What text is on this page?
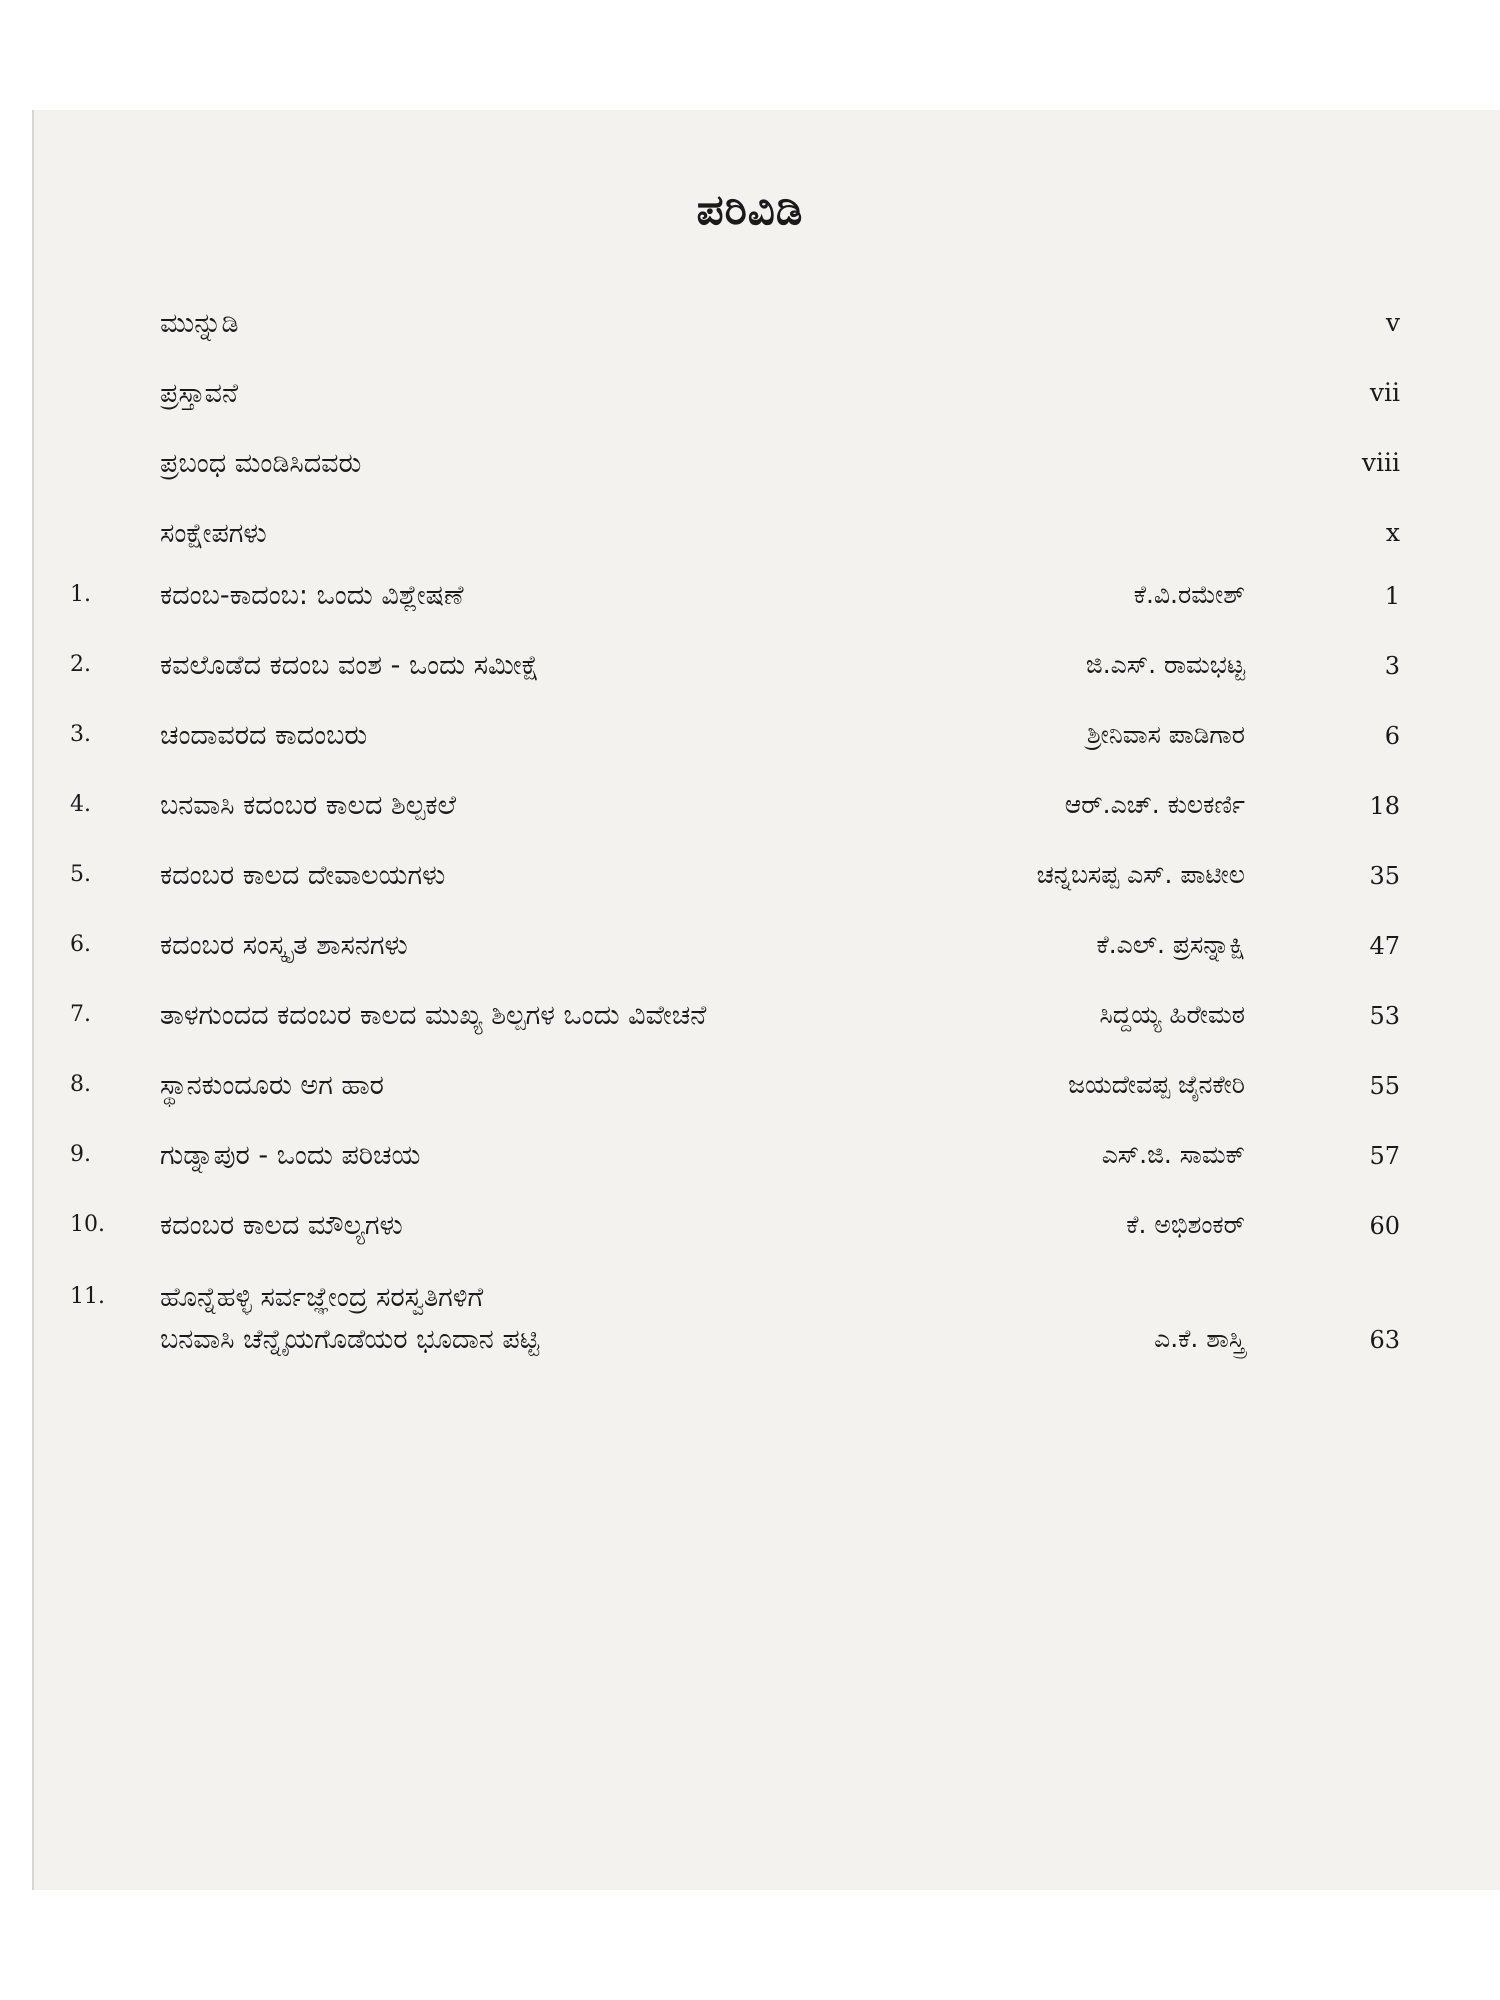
ಪರಿವಿಡಿ
ಮುನ್ನುಡಿ	v
ಪ್ರಸ್ತಾವನೆ	vii
ಪ್ರಬಂಧ ಮಂಡಿಸಿದವರು	viii
ಸಂಕ್ಷೇಪಗಳು	x
1.	ಕದಂಬ-ಕಾದಂಬ: ಒಂದು ವಿಶ್ಲೇಷಣೆ	ಕೆ.ವಿ.ರಮೇಶ್	1
2.	ಕವಲೊಡೆದ ಕದಂಬ ವಂಶ - ಒಂದು ಸಮೀಕ್ಷೆ	ಜಿ.ಎಸ್. ರಾಮಭಟ್ಟ	3
3.	ಚಂದಾವರದ ಕಾದಂಬರು	ಶ್ರೀನಿವಾಸ ಪಾಡಿಗಾರ	6
4.	ಬನವಾಸಿ ಕದಂಬರ ಕಾಲದ ಶಿಲ್ಪಕಲೆ	ಆರ್.ಎಚ್. ಕುಲಕರ್ಣಿ	18
5.	ಕದಂಬರ ಕಾಲದ ದೇವಾಲಯಗಳು	ಚನ್ನಬಸಪ್ಪ ಎಸ್. ಪಾಟೀಲ	35
6.	ಕದಂಬರ ಸಂಸ್ಕೃತ ಶಾಸನಗಳು	ಕೆ.ಎಲ್. ಪ್ರಸನ್ನಾಕ್ಷಿ	47
7.	ತಾಳಗುಂದದ ಕದಂಬರ ಕಾಲದ ಮುಖ್ಯ ಶಿಲ್ಪಗಳ ಒಂದು ವಿವೇಚನೆ	ಸಿದ್ದಯ್ಯ ಹಿರೇಮಠ	53
8.	ಸ್ಥಾನಕುಂದೂರು ಅಗ ಹಾರ	ಜಯದೇವಪ್ಪ ಜೈನಕೇರಿ	55
9.	ಗುಡ್ನಾಪುರ - ಒಂದು ಪರಿಚಯ	ಎಸ್.ಜಿ. ಸಾಮಕ್	57
10. ಕದಂಬರ ಕಾಲದ ಮೌಲ್ಯಗಳು	ಕೆ. ಅಭಿಶಂಕರ್	60
11. ಹೊನ್ನೆಹಳ್ಳಿ ಸರ್ವಜ್ಞೇಂದ್ರ ಸರಸ್ವತಿಗಳಿಗೆ
ಬನವಾಸಿ ಚೆನ್ನೈಯಗೊಡೆಯರ ಭೂದಾನ ಪಟ್ಟಿ	ಎ.ಕೆ. ಶಾಸ್ತ್ರಿ	63
